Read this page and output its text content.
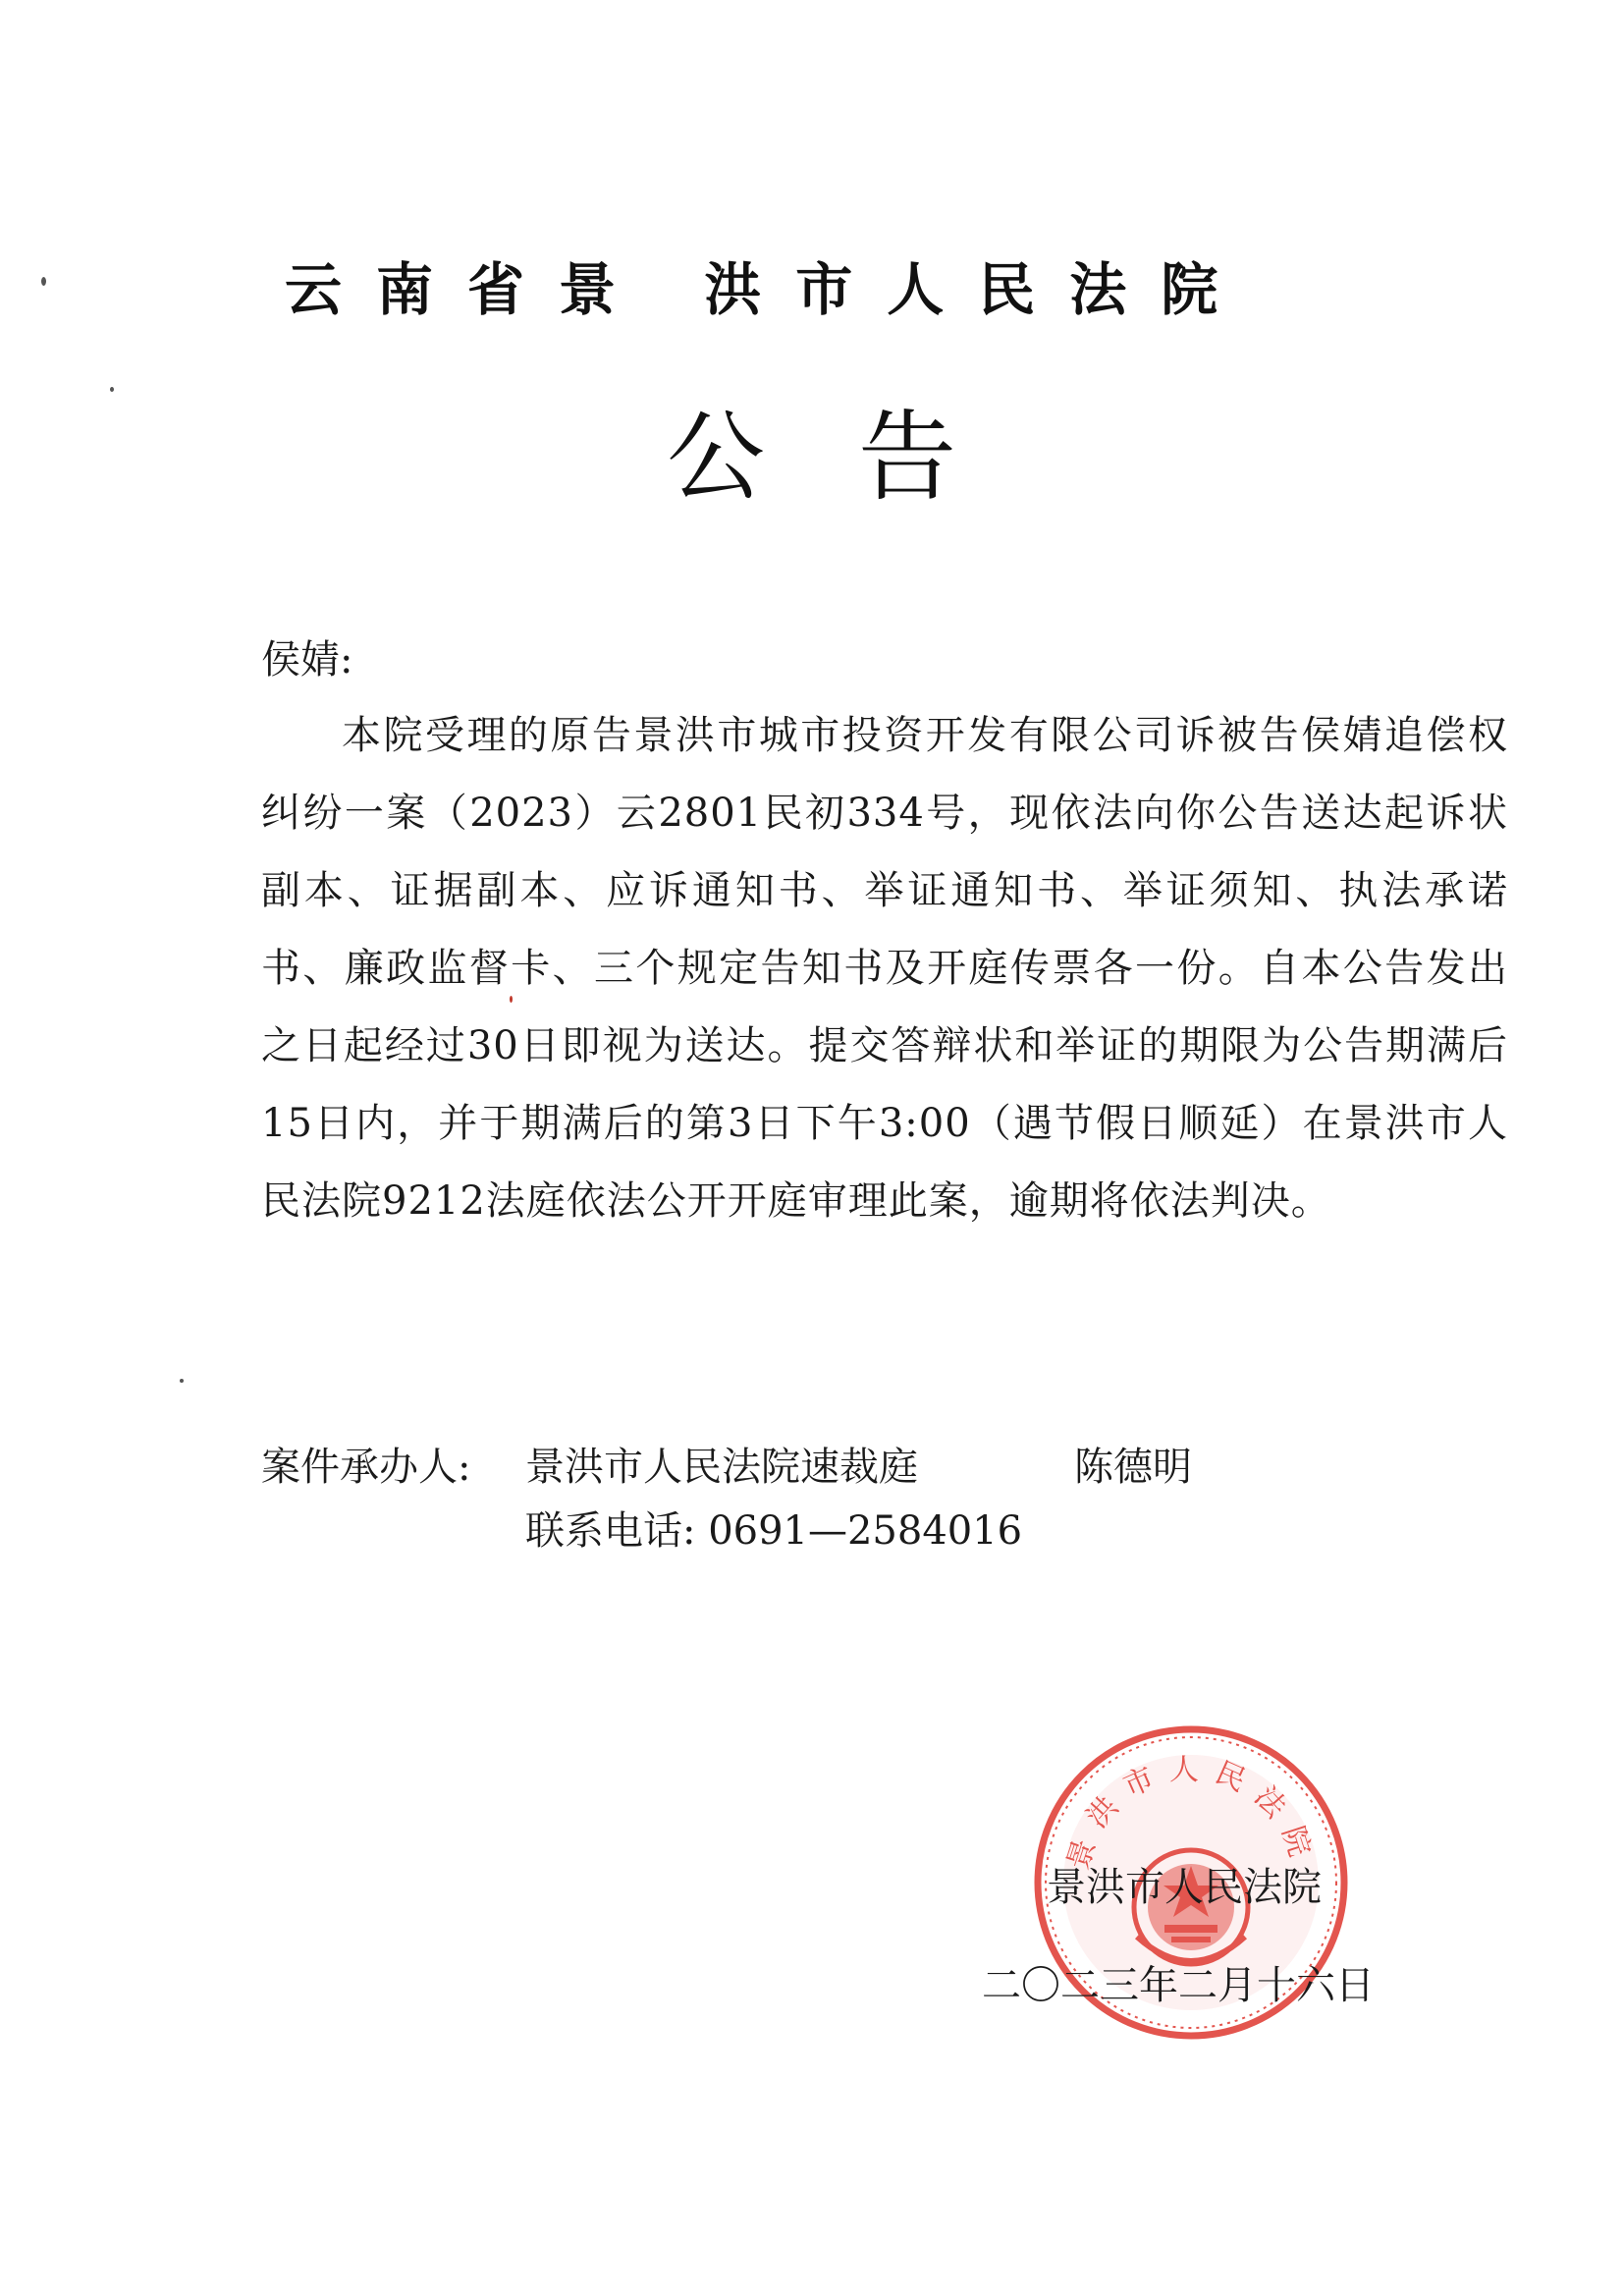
云南省景 洪市人民法院
公告
侯婧:
本院受理的原告景洪市城市投资开发有限公司诉被告侯婧追偿权纠纷一案（2023）云2801民初334号，现依法向你公告送达起诉状副本、证据副本、应诉通知书、举证通知书、举证须知、执法承诺书、廉政监督卡、三个规定告知书及开庭传票各一份。自本公告发出之日起经过30日即视为送达。提交答辩状和举证的期限为公告期满后15日内，并于期满后的第3日下午3:00（遇节假日顺延）在景洪市人民法院9212法庭依法公开开庭审理此案，逾期将依法判决。
案件承办人: 景洪市人民法院速裁庭	陈德明
联系电话: 0691—2584016
景洪市人民法院
景洪市人民法院
二〇二三年二月十六日
